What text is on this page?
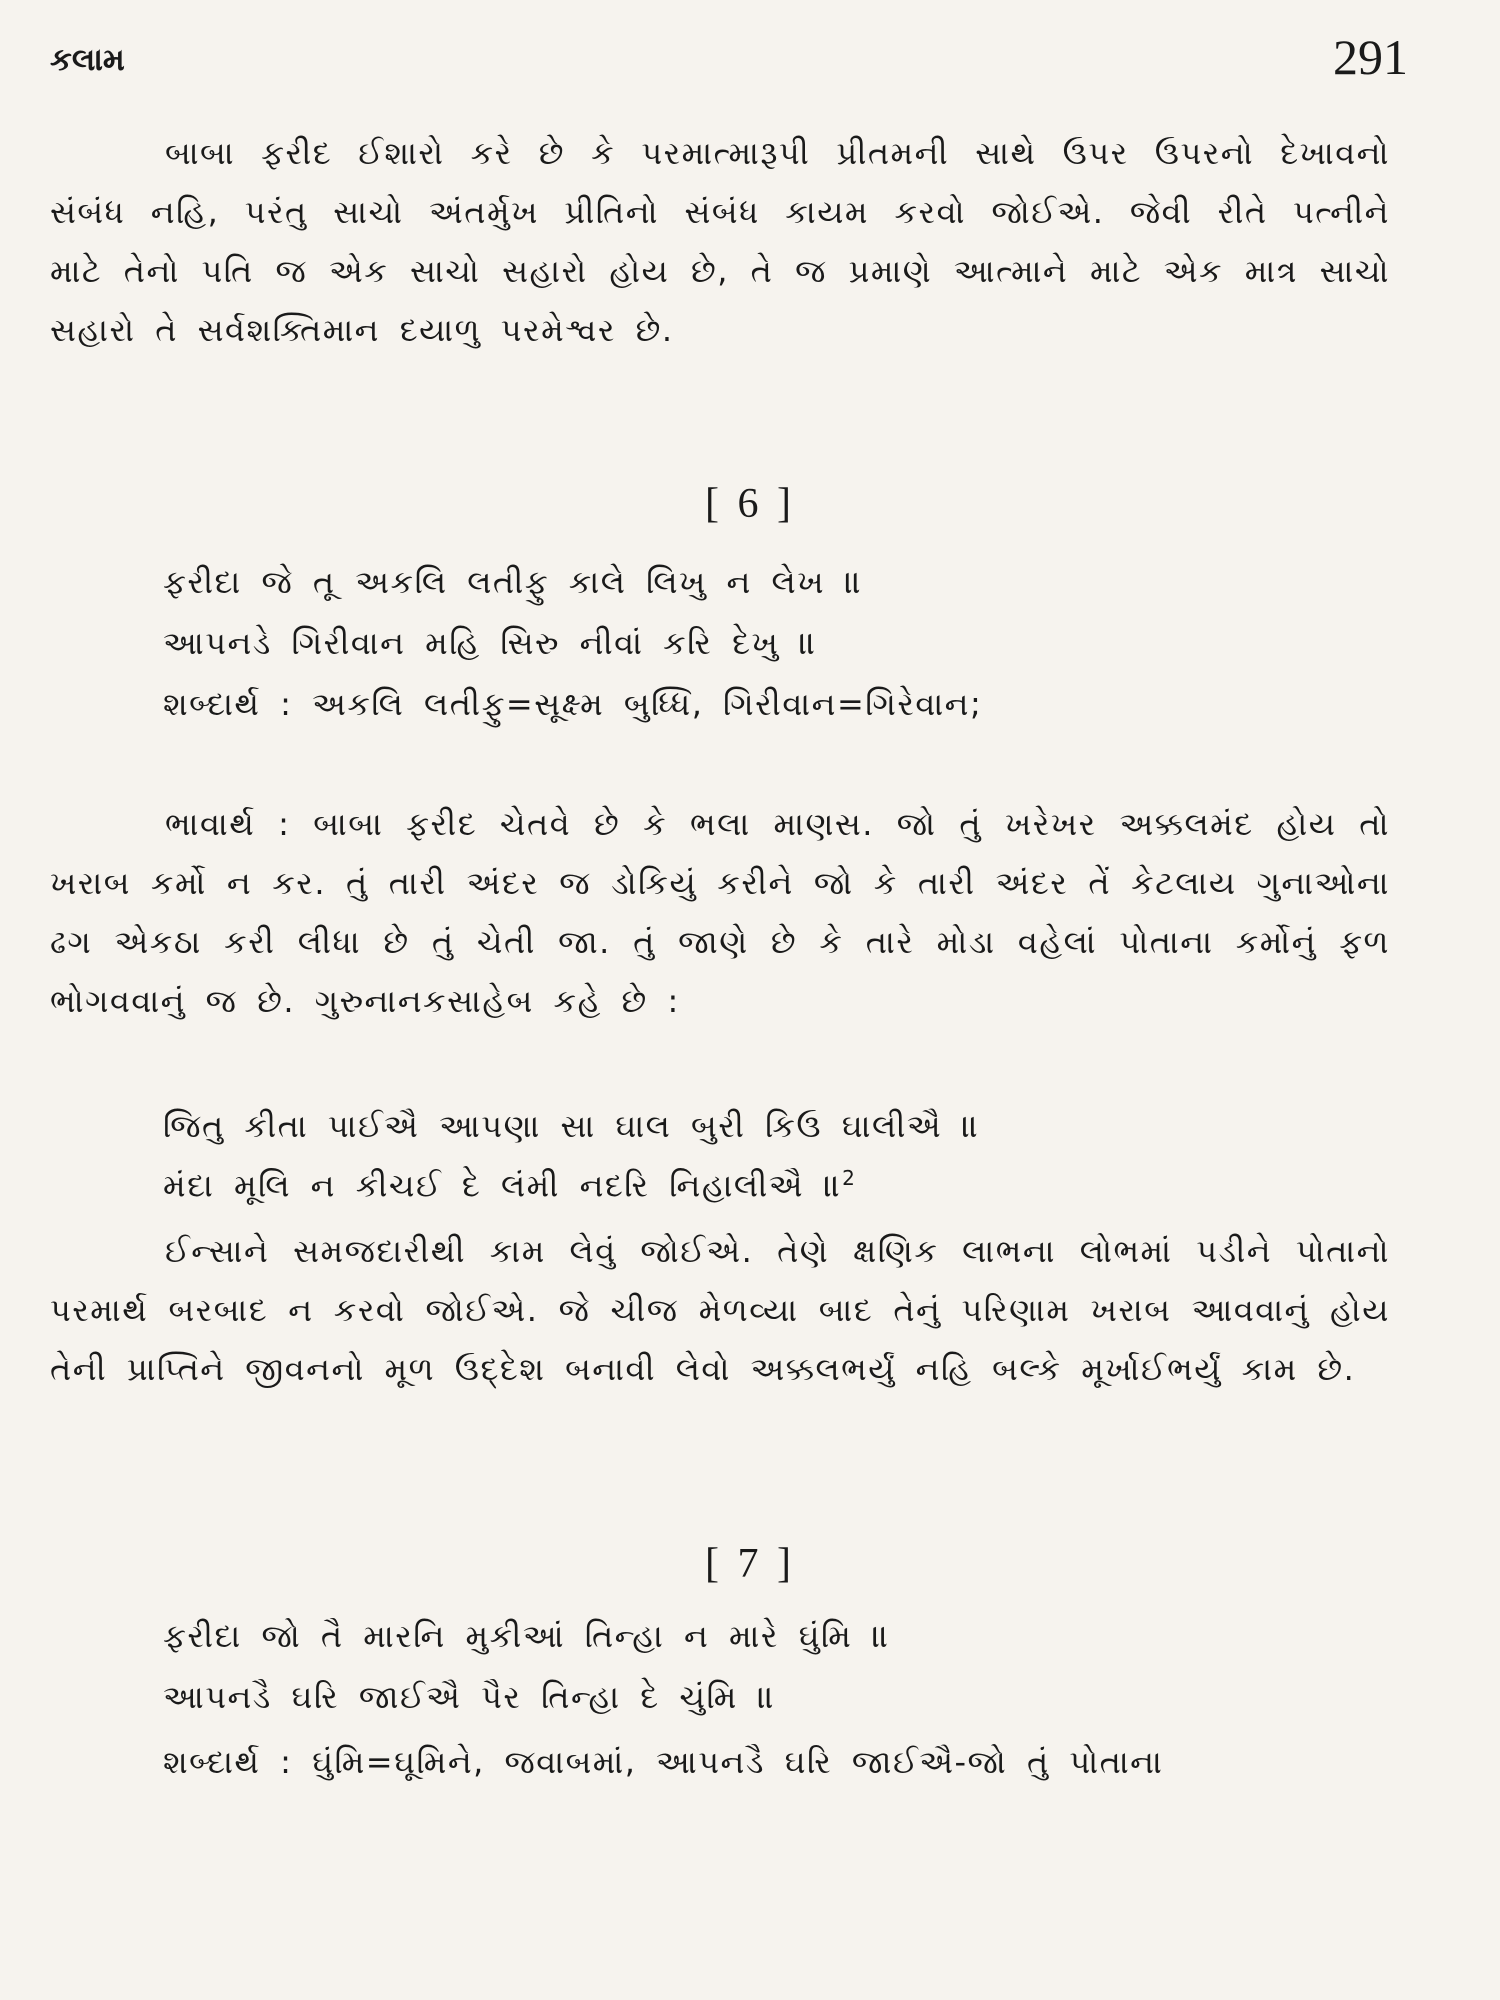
કલામ	291

બાબા ફરીદ ઈશારો કરે છે કે પરમાત્મારૂપી પ્રીતમની સાથે ઉપર ઉપરનો દેખાવનો સંબંધ નહિ, પરંતુ સાચો અંતર્મુખ પ્રીતિનો સંબંધ કાયમ કરવો જોઈએ. જેવી રીતે પત્નીને માટે તેનો પતિ જ એક સાચો સહારો હોય છે, તે જ પ્રમાણે આત્માને માટે એક માત્ર સાચો સહારો તે સર્વશક્તિમાન દયાળુ પરમેશ્વર છે.

[ 6 ]
ફરીદા જે તૂ અકલિ લતીફુ કાલે લિખુ ન લેખ ॥
આપનડે ગિરીવાન મહિ સિરુ નીવાં કરિ દેખુ ॥
શબ્દાર્થ : અકલિ લતીફુ=સૂક્ષ્મ બુધ્ધિ, ગિરીવાન=ગિરેવાન;

ભાવાર્થ : બાબા ફરીદ ચેતવે છે કે ભલા માણસ. જો તું ખરેખર અક્કલમંદ હોય તો ખરાબ કર્મો ન કર. તું તારી અંદર જ ડોકિયું કરીને જો કે તારી અંદર તેં કેટલાય ગુનાઓના ઢગ એકઠા કરી લીધા છે તું ચેતી જા. તું જાણે છે કે તારે મોડા વહેલાં પોતાના કર્મોનું ફળ ભોગવવાનું જ છે. ગુરુનાનકસાહેબ કહે છે :

જિતુ કીતા પાઈઐ આપણા સા ઘાલ બુરી કિઉ ઘાલીઐ ॥
મંદા મૂલિ ન કીચઈ દે લંમી નદરિ નિહાલીઐ ॥$^2$

ઈન્સાને સમજદારીથી કામ લેવું જોઈએ. તેણે ક્ષણિક લાભના લોભમાં પડીને પોતાનો પરમાર્થ બરબાદ ન કરવો જોઈએ. જે ચીજ મેળવ્યા બાદ તેનું પરિણામ ખરાબ આવવાનું હોય તેની પ્રાપ્તિને જીવનનો મૂળ ઉદ્દેશ બનાવી લેવો અક્કલભર્યું નહિ બલ્કે મૂર્ખાઈભર્યું કામ છે.

[ 7 ]
ફરીદા જો તૈ મારનિ મુકીઆં તિન્હા ન મારે ઘુંમિ ॥
આપનડૈ ઘરિ જાઈઐ પૈર તિન્હા દે ચુંમિ ॥
શબ્દાર્થ : ઘુંમિ=ઘૂમિને, જવાબમાં, આપનડૈ ઘરિ જાઈઐ-જો તું પોતાના
